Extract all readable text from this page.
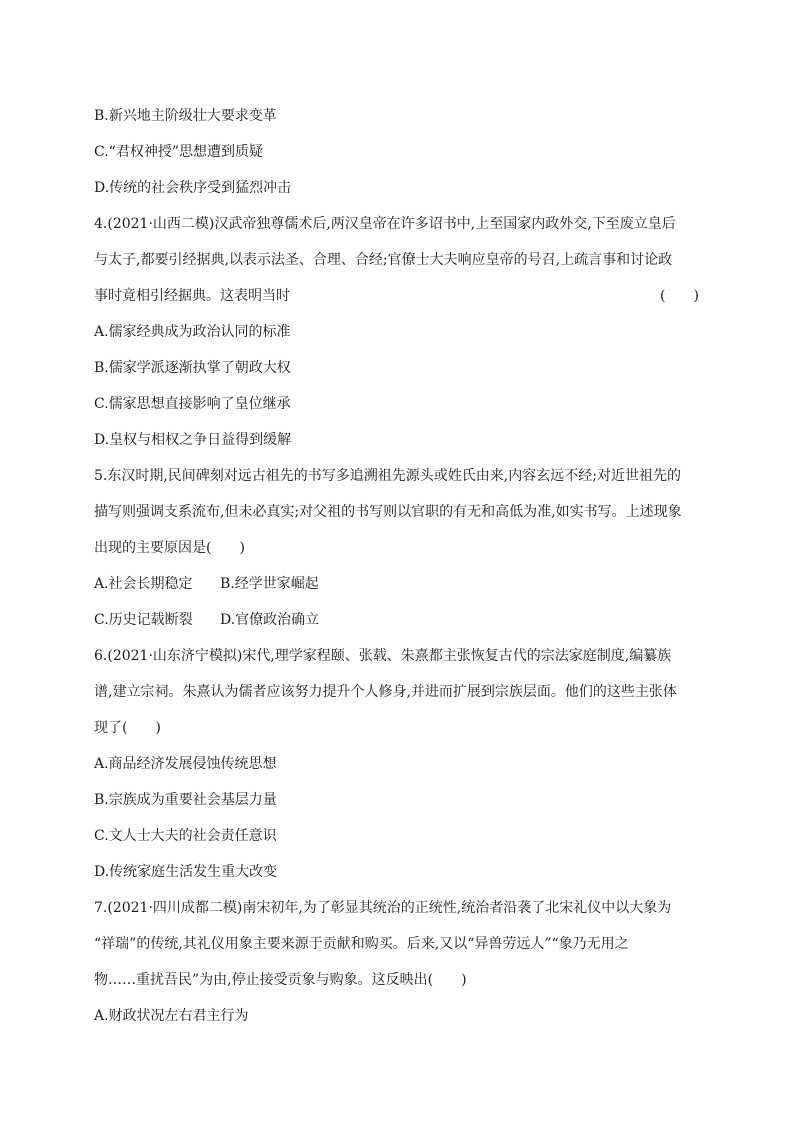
B.新兴地主阶级壮大要求变革

C.“君权神授”思想遭到质疑

D.传统的社会秩序受到猛烈冲击

4.(2021·山西二模)汉武帝独尊儒术后,两汉皇帝在许多诏书中,上至国家内政外交,下至废立皇后

与太子,都要引经据典,以表示法圣、合理、合经;官僚士大夫响应皇帝的号召,上疏言事和讨论政

事时竟相引经据典。这表明当时	(　　)

A.儒家经典成为政治认同的标准

B.儒家学派逐渐执掌了朝政大权

C.儒家思想直接影响了皇位继承

D.皇权与相权之争日益得到缓解

5.东汉时期,民间碑刻对远古祖先的书写多追溯祖先源头或姓氏由来,内容玄远不经;对近世祖先的

描写则强调支系流布,但未必真实;对父祖的书写则以官职的有无和高低为准,如实书写。上述现象

出现的主要原因是(　　)

A.社会长期稳定 B.经学世家崛起

C.历史记载断裂 D.官僚政治确立

6.(2021·山东济宁模拟)宋代,理学家程颐、张载、朱熹都主张恢复古代的宗法家庭制度,编纂族

谱,建立宗祠。朱熹认为儒者应该努力提升个人修身,并进而扩展到宗族层面。他们的这些主张体

现了(　　)

A.商品经济发展侵蚀传统思想

B.宗族成为重要社会基层力量

C.文人士大夫的社会责任意识

D.传统家庭生活发生重大改变

7.(2021·四川成都二模)南宋初年,为了彰显其统治的正统性,统治者沿袭了北宋礼仪中以大象为

“祥瑞”的传统,其礼仪用象主要来源于贡献和购买。后来,又以“异兽劳远人”“象乃无用之

物……重扰吾民”为由,停止接受贡象与购象。这反映出(　　)

A.财政状况左右君主行为
